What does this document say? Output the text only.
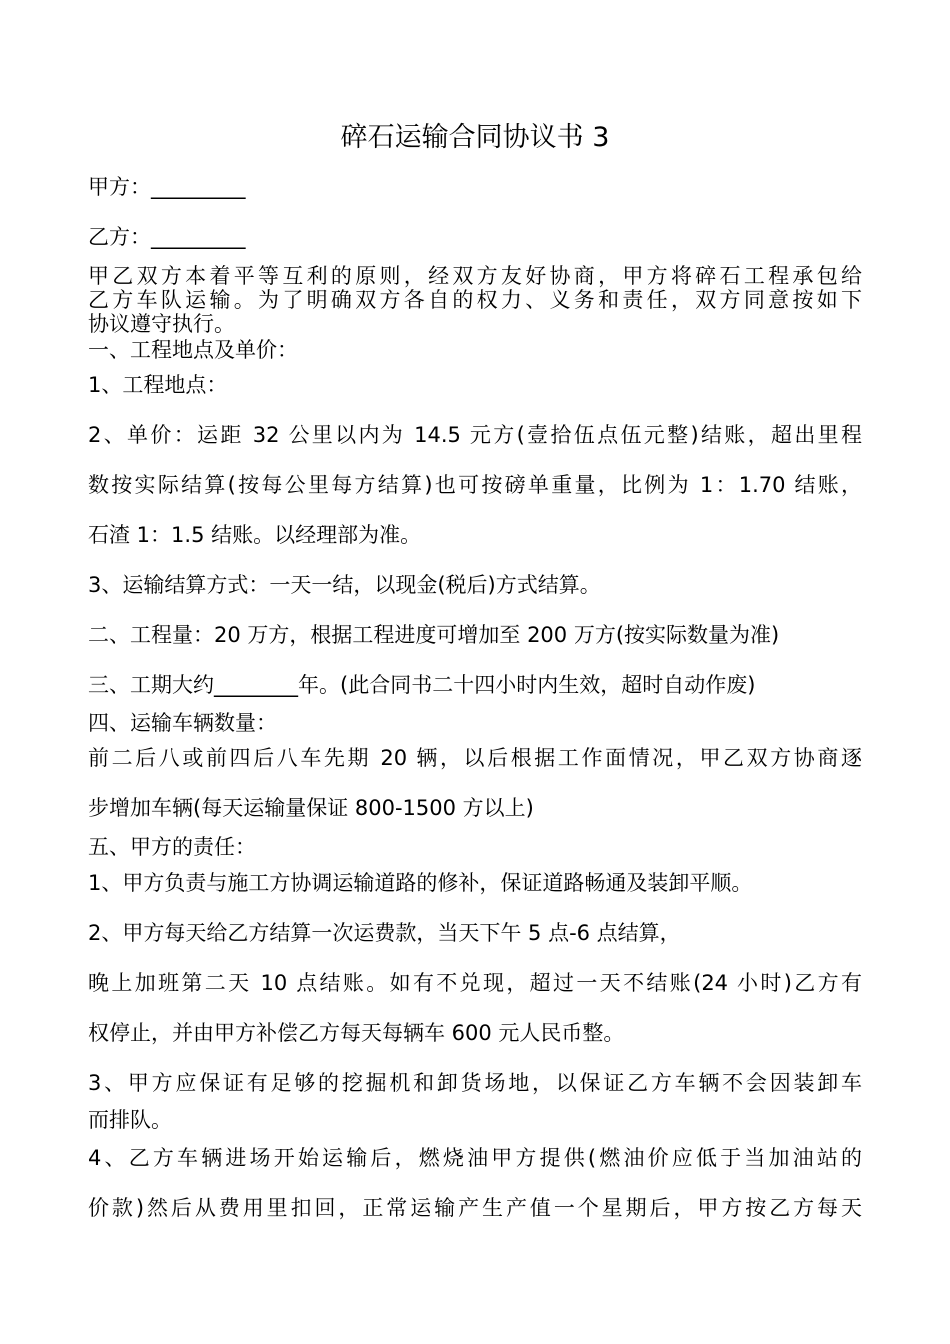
碎石运输合同协议书 3
甲方：_________
乙方：_________
甲乙双方本着平等互利的原则，经双方友好协商，甲方将碎石工程承包给
乙方车队运输。为了明确双方各自的权力、义务和责任，双方同意按如下
协议遵守执行。
一、工程地点及单价：
1、工程地点：
2、单价：运距 32 公里以内为 14.5 元方(壹拾伍点伍元整)结账，超出里程
数按实际结算(按每公里每方结算)也可按磅单重量，比例为 1：1.70 结账，
石渣 1：1.5 结账。以经理部为准。
3、运输结算方式：一天一结，以现金(税后)方式结算。
二、工程量：20 万方，根据工程进度可增加至 200 万方(按实际数量为准)
三、工期大约________年。(此合同书二十四小时内生效，超时自动作废)
四、运输车辆数量：
前二后八或前四后八车先期 20 辆，以后根据工作面情况，甲乙双方协商逐
步增加车辆(每天运输量保证 800-1500 方以上)
五、甲方的责任：
1、甲方负责与施工方协调运输道路的修补，保证道路畅通及装卸平顺。
2、甲方每天给乙方结算一次运费款，当天下午 5 点-6 点结算，
晚上加班第二天 10 点结账。如有不兑现，超过一天不结账(24 小时)乙方有
权停止，并由甲方补偿乙方每天每辆车 600 元人民币整。
3、甲方应保证有足够的挖掘机和卸货场地，以保证乙方车辆不会因装卸车
而排队。
4、乙方车辆进场开始运输后，燃烧油甲方提供(燃油价应低于当加油站的
价款)然后从费用里扣回，正常运输产生产值一个星期后，甲方按乙方每天
